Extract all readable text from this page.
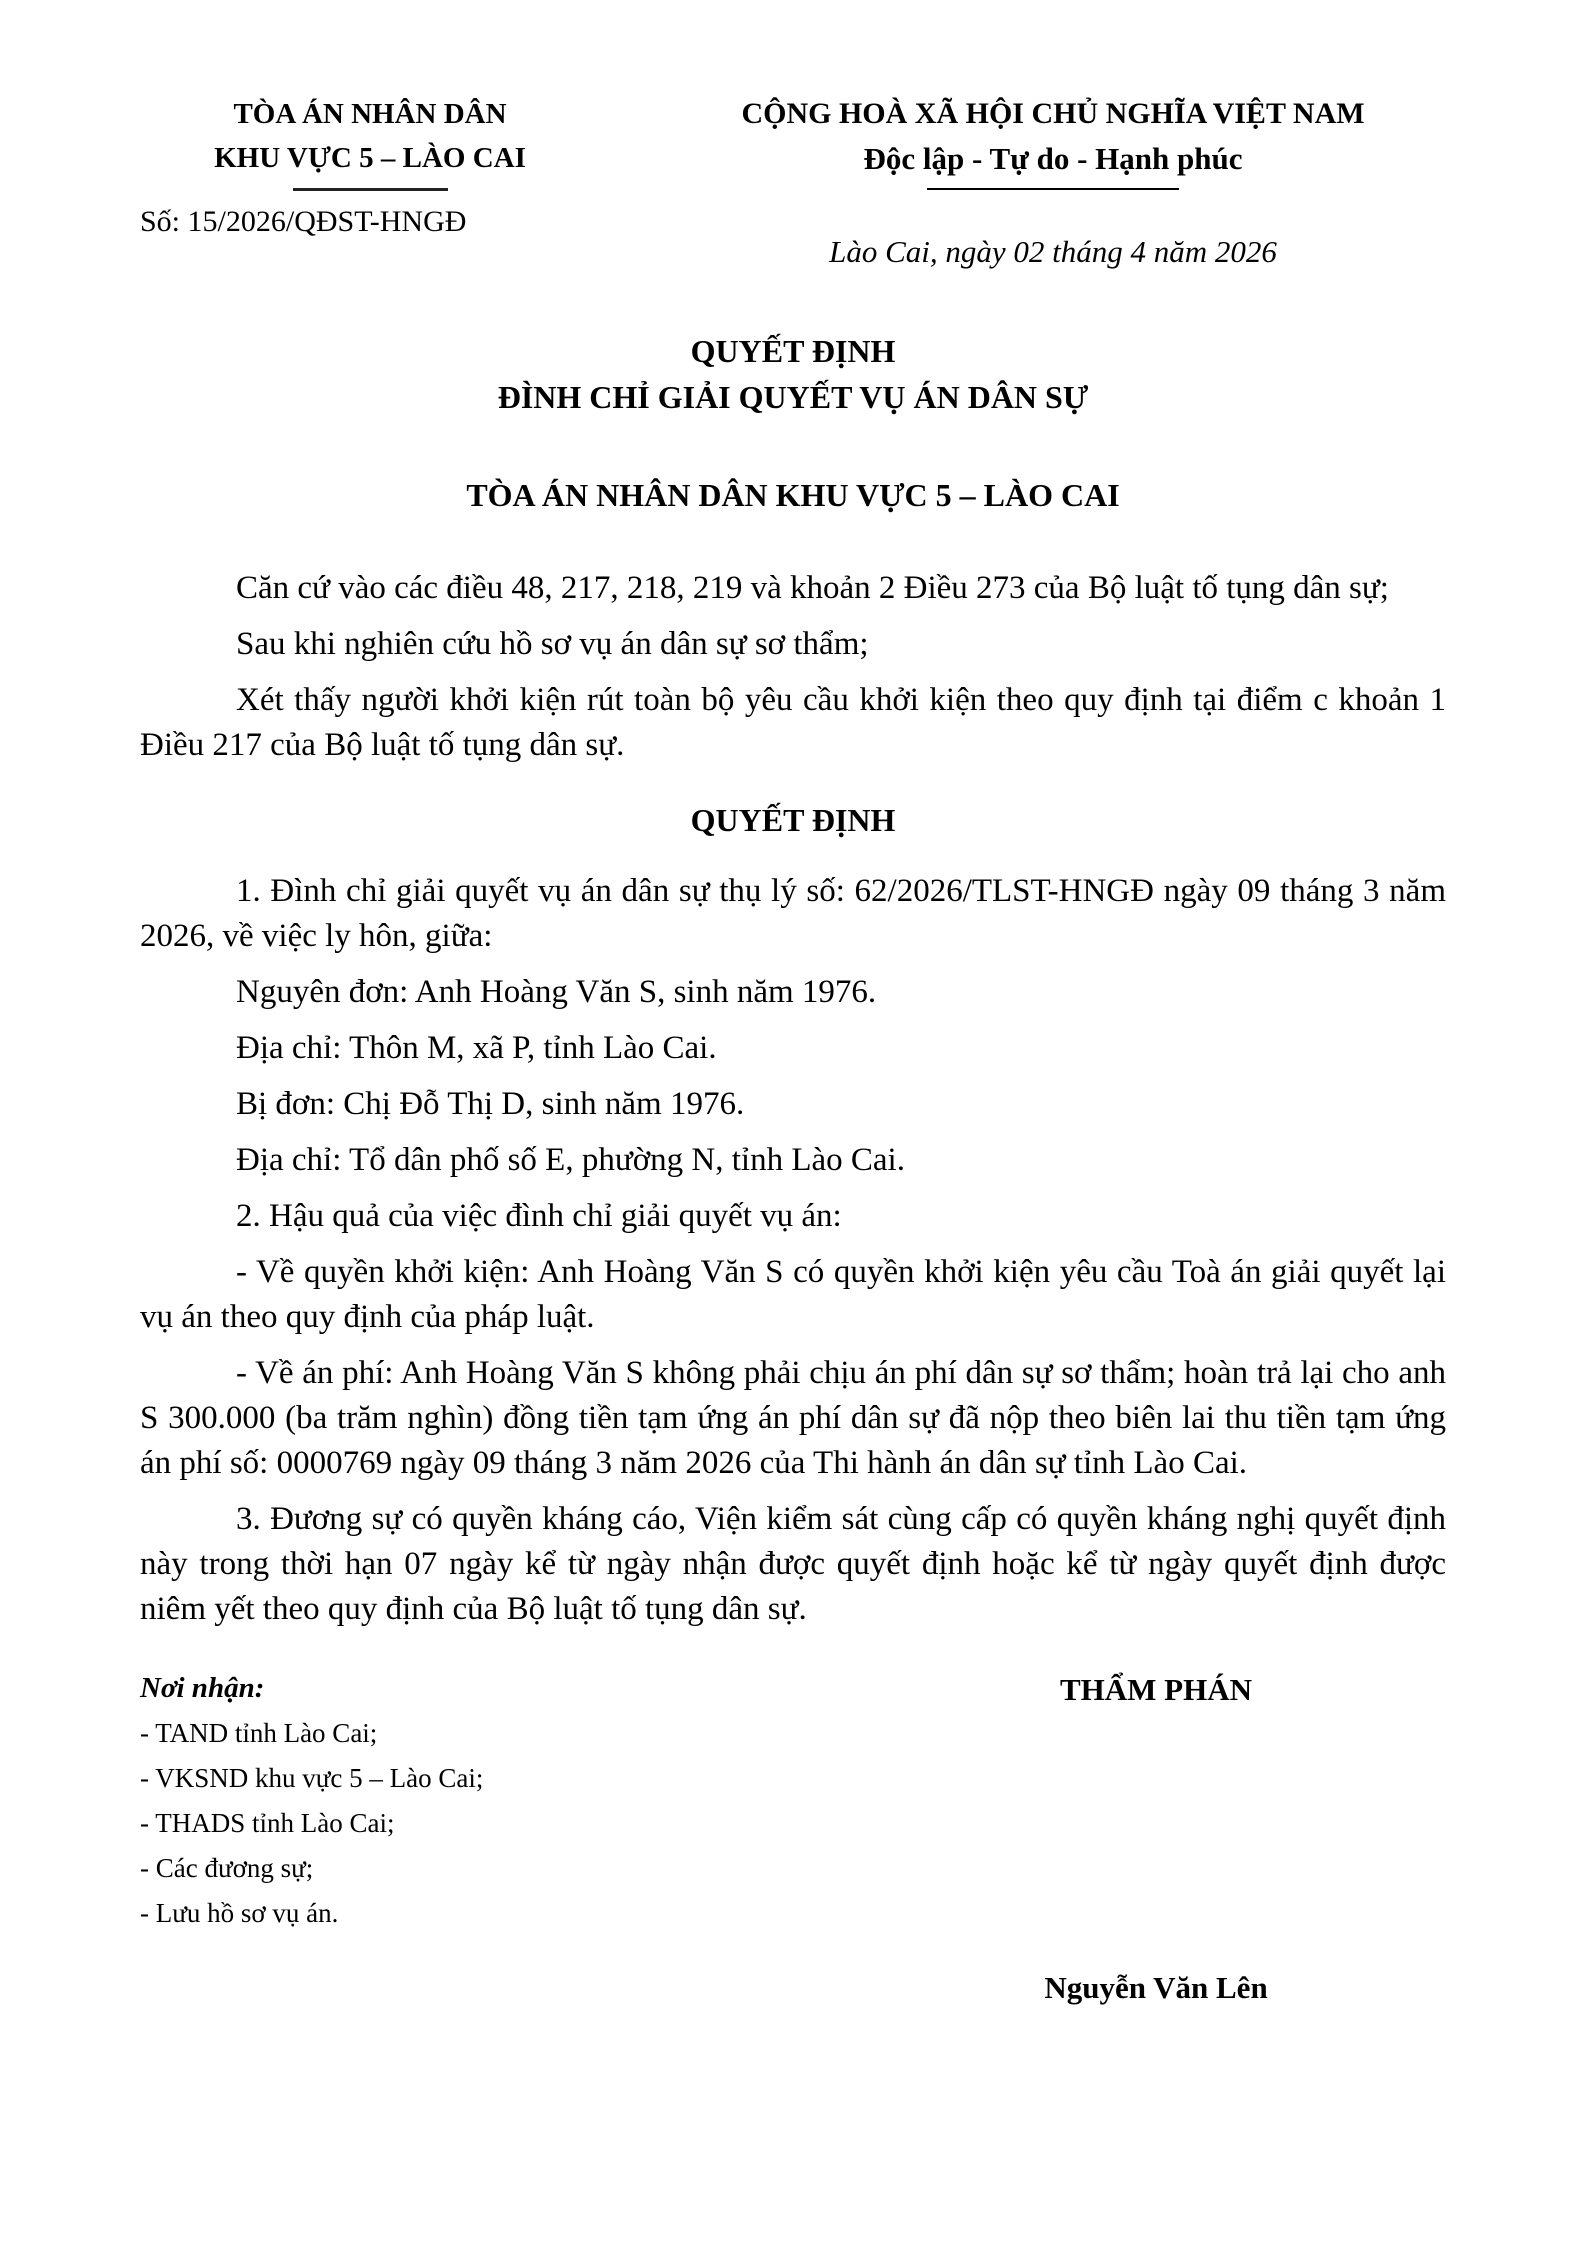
TÒA ÁN NHÂN DÂN
KHU VỰC 5 – LÀO CAI
Số: 15/2026/QĐST-HNGĐ
CỘNG HOÀ XÃ HỘI CHỦ NGHĨA VIỆT NAM
Độc lập - Tự do - Hạnh phúc
Lào Cai, ngày 02 tháng 4 năm 2026
QUYẾT ĐỊNH
ĐÌNH CHỈ GIẢI QUYẾT VỤ ÁN DÂN SỰ
TÒA ÁN NHÂN DÂN KHU VỰC 5 – LÀO CAI

Căn cứ vào các điều 48, 217, 218, 219 và khoản 2 Điều 273 của Bộ luật tố tụng dân sự;

Sau khi nghiên cứu hồ sơ vụ án dân sự sơ thẩm;

Xét thấy người khởi kiện rút toàn bộ yêu cầu khởi kiện theo quy định tại điểm c khoản 1 Điều 217 của Bộ luật tố tụng dân sự.

QUYẾT ĐỊNH

1. Đình chỉ giải quyết vụ án dân sự thụ lý số: 62/2026/TLST-HNGĐ ngày 09 tháng 3 năm 2026, về việc ly hôn, giữa:

Nguyên đơn: Anh Hoàng Văn S, sinh năm 1976.

Địa chỉ: Thôn M, xã P, tỉnh Lào Cai.

Bị đơn: Chị Đỗ Thị D, sinh năm 1976.

Địa chỉ: Tổ dân phố số E, phường N, tỉnh Lào Cai.

2. Hậu quả của việc đình chỉ giải quyết vụ án:

- Về quyền khởi kiện: Anh Hoàng Văn S có quyền khởi kiện yêu cầu Toà án giải quyết lại vụ án theo quy định của pháp luật.

- Về án phí: Anh Hoàng Văn S không phải chịu án phí dân sự sơ thẩm; hoàn trả lại cho anh S 300.000 (ba trăm nghìn) đồng tiền tạm ứng án phí dân sự đã nộp theo biên lai thu tiền tạm ứng án phí số: 0000769 ngày 09 tháng 3 năm 2026 của Thi hành án dân sự tỉnh Lào Cai.

3. Đương sự có quyền kháng cáo, Viện kiểm sát cùng cấp có quyền kháng nghị quyết định này trong thời hạn 07 ngày kể từ ngày nhận được quyết định hoặc kể từ ngày quyết định được niêm yết theo quy định của Bộ luật tố tụng dân sự.

Nơi nhận:
- TAND tỉnh Lào Cai;
- VKSND khu vực 5 – Lào Cai;
- THADS tỉnh Lào Cai;
- Các đương sự;
- Lưu hồ sơ vụ án.
THẨM PHÁN
Nguyễn Văn Lên
